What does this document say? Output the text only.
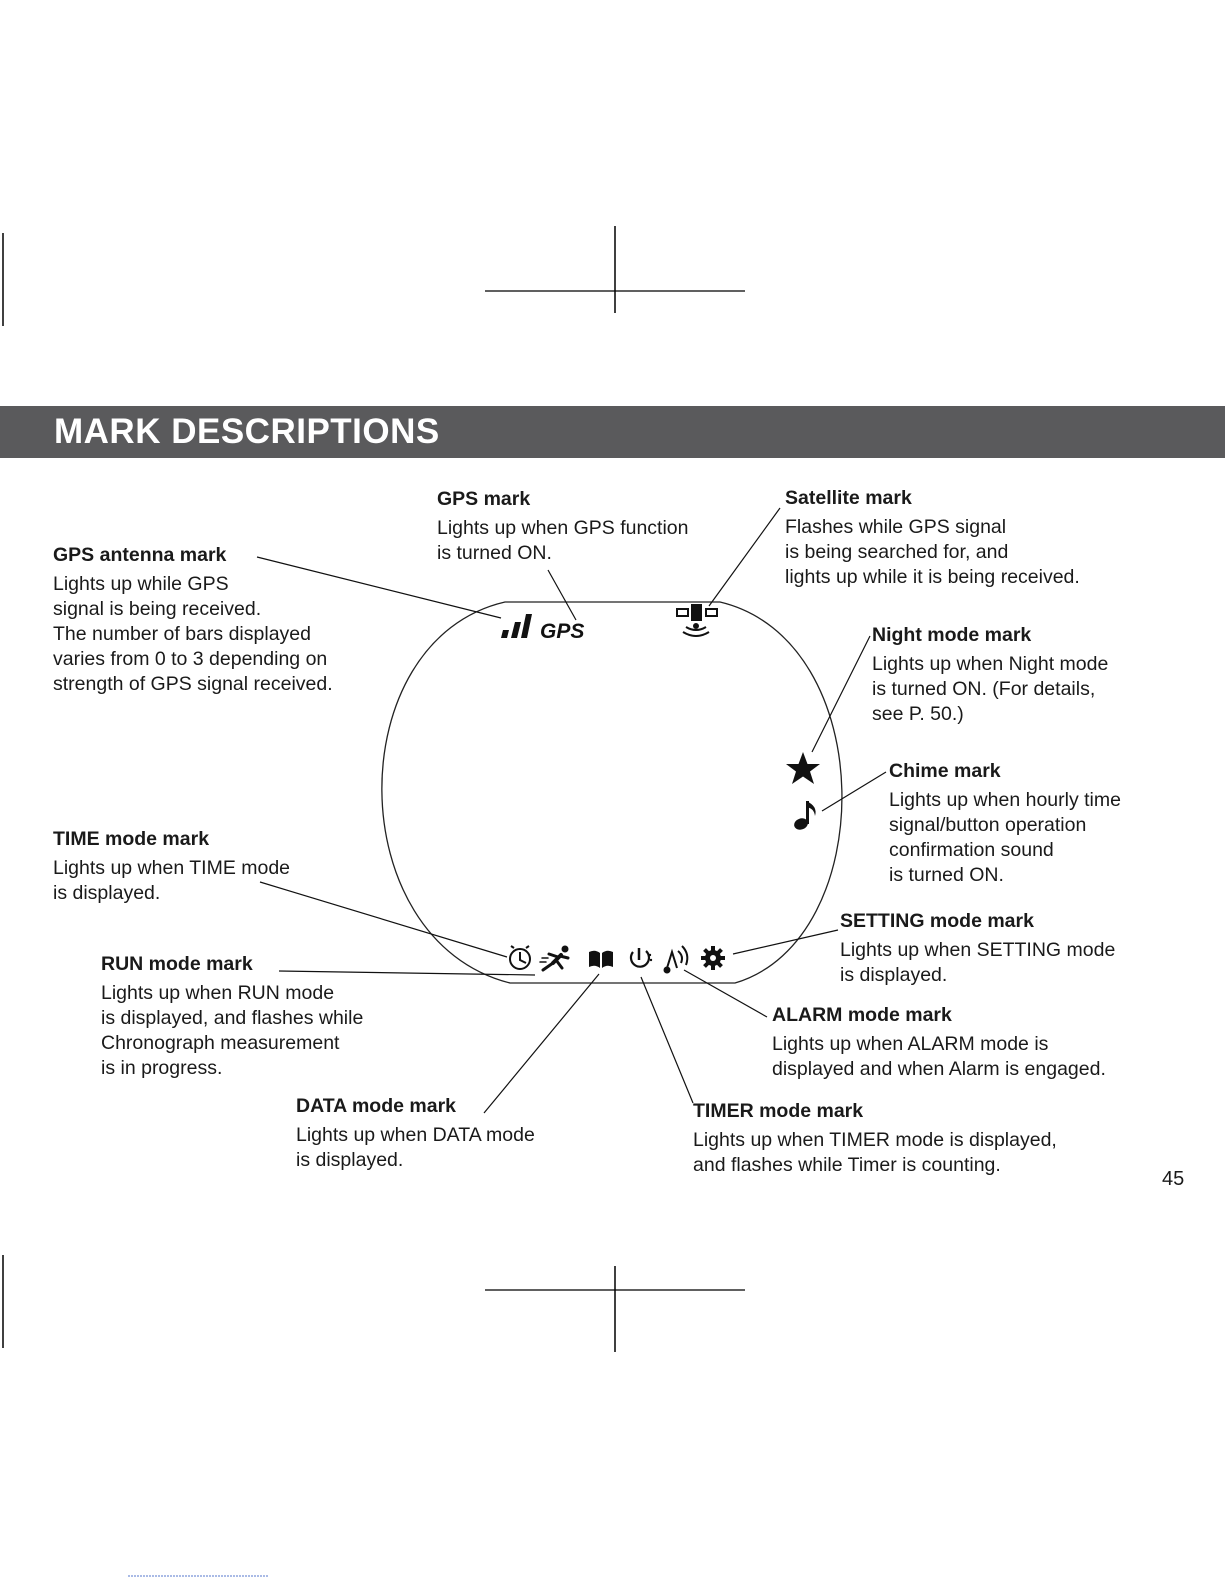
MARK DESCRIPTIONS
GPS
GPS antenna mark
Lights up while GPS
signal is being received.
The number of bars displayed
varies from 0 to 3 depending on
strength of GPS signal received.
GPS mark
Lights up when GPS function
is turned ON.
Satellite mark
Flashes while GPS signal
is being searched for, and
lights up while it is being received.
Night mode mark
Lights up when Night mode
is turned ON. (For details,
see P. 50.)
Chime mark
Lights up when hourly time
signal/button operation
confirmation sound
is turned ON.
TIME mode mark
Lights up when TIME mode
is displayed.
RUN mode mark
Lights up when RUN mode
is displayed, and flashes while
Chronograph measurement
is in progress.
SETTING mode mark
Lights up when SETTING mode
is displayed.
ALARM mode mark
Lights up when ALARM mode is
displayed and when Alarm is engaged.
DATA mode mark
Lights up when DATA mode
is displayed.
TIMER mode mark
Lights up when TIMER mode is displayed,
and flashes while Timer is counting.
45
